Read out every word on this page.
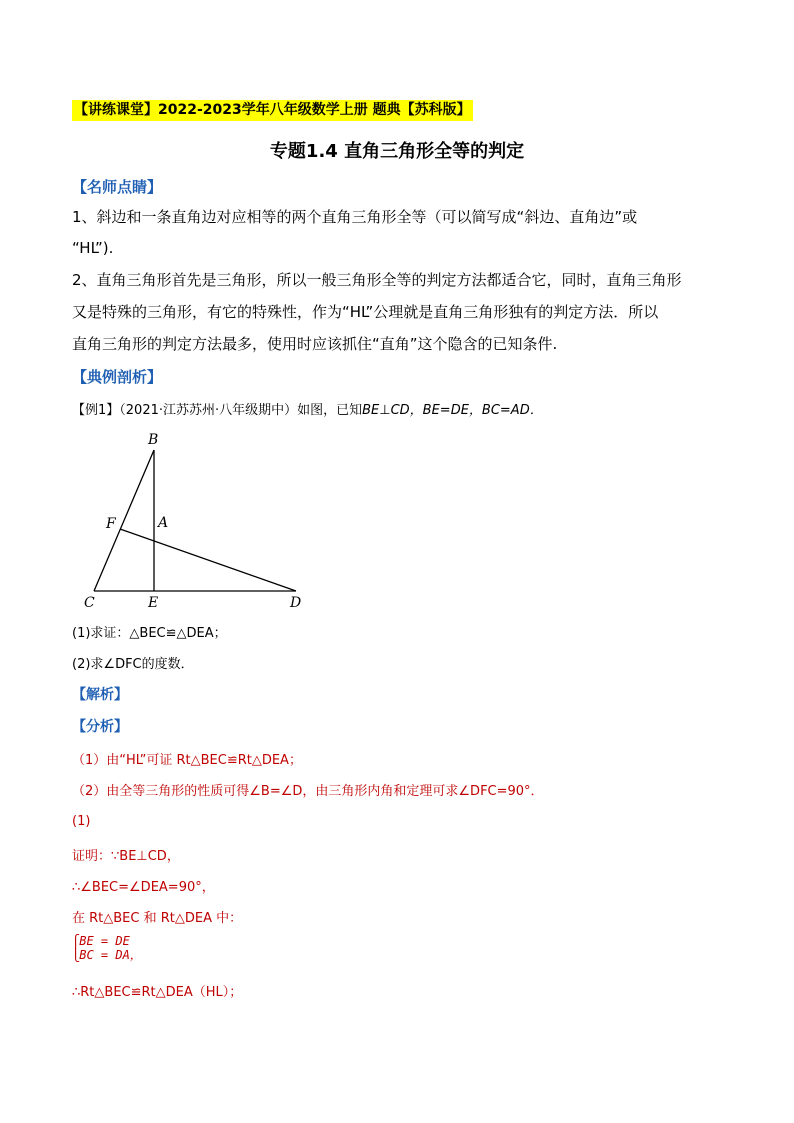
【讲练课堂】2022-2023学年八年级数学上册 题典【苏科版】
专题1.4 直角三角形全等的判定
【名师点睛】
1、斜边和一条直角边对应相等的两个直角三角形全等（可以简写成“斜边、直角边”或
“HL”).
2、直角三角形首先是三角形，所以一般三角形全等的判定方法都适合它，同时，直角三角形
又是特殊的三角形，有它的特殊性，作为“HL”公理就是直角三角形独有的判定方法．所以
直角三角形的判定方法最多，使用时应该抓住“直角”这个隐含的已知条件.
【典例剖析】
【例1】（2021·江苏苏州·八年级期中）如图，已知BE⊥CD，BE=DE，BC=AD．
B
F	A
C	E	D
(1)求证：△BEC≌△DEA；
(2)求∠DFC的度数．
【解析】
【分析】
（1）由“HL”可证 Rt△BEC≌Rt△DEA；
（2）由全等三角形的性质可得∠B=∠D，由三角形内角和定理可求∠DFC=90°．
(1)
证明：∵BE⊥CD，
∴∠BEC=∠DEA=90°，
在 Rt△BEC 和 Rt△DEA 中：
⎧BE = DE
⎩BC = DA，
∴Rt△BEC≌Rt△DEA（HL）；
